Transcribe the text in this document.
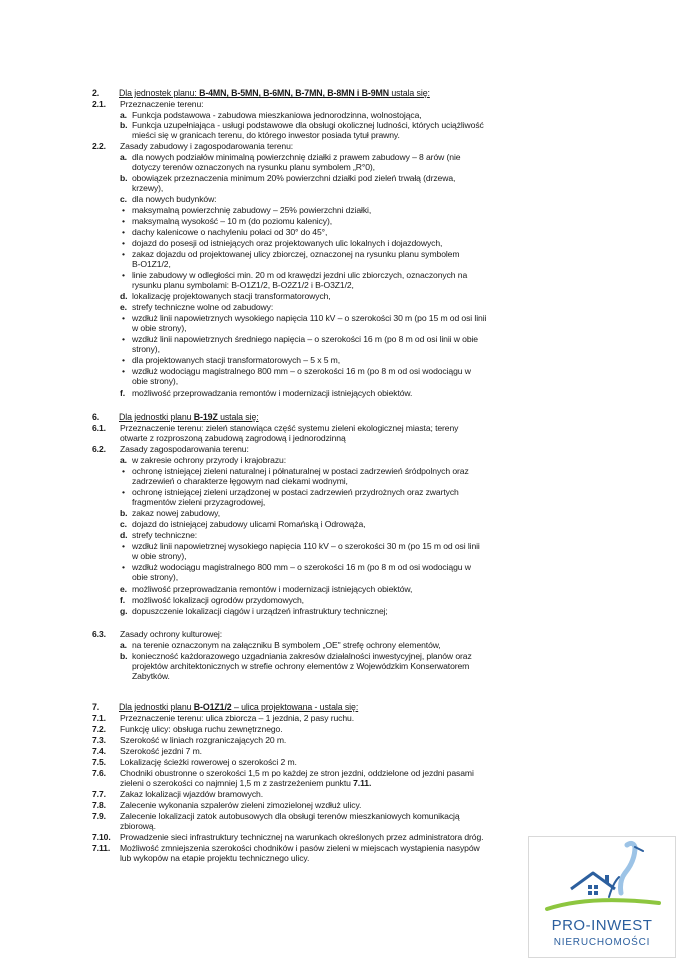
2. Dla jednostek planu: B-4MN, B-5MN, B-6MN, B-7MN, B-8MN i B-9MN ustala się:
2.1. Przeznaczenie terenu:
a. Funkcja podstawowa - zabudowa mieszkaniowa jednorodzinna, wolnostojąca,
b. Funkcja uzupełniająca - usługi podstawowe dla obsługi okolicznej ludności, których uciążliwość
mieści się w granicach terenu, do którego inwestor posiada tytuł prawny.
2.2. Zasady zabudowy i zagospodarowania terenu:
a. dla nowych podziałów minimalną powierzchnię działki z prawem zabudowy – 8 arów (nie
dotyczy terenów oznaczonych na rysunku planu symbolem „R°0),
b. obowiązek przeznaczenia minimum 20% powierzchni działki pod zieleń trwałą (drzewa,
krzewy),
c. dla nowych budynków:
• maksymalną powierzchnię zabudowy – 25% powierzchni działki,
• maksymalną wysokość – 10 m (do poziomu kalenicy),
• dachy kalenicowe o nachyleniu połaci od 30° do 45°,
• dojazd do posesji od istniejących oraz projektowanych ulic lokalnych i dojazdowych,
• zakaz dojazdu od projektowanej ulicy zbiorczej, oznaczonej na rysunku planu symbolem
B-O1Z1/2,
• linie zabudowy w odległości min. 20 m od krawędzi jezdni ulic zbiorczych, oznaczonych na
rysunku planu symbolami: B-O1Z1/2, B-O2Z1/2 i B-O3Z1/2,
d. lokalizację projektowanych stacji transformatorowych,
e. strefy techniczne wolne od zabudowy:
• wzdłuż linii napowietrznych wysokiego napięcia 110 kV – o szerokości 30 m (po 15 m od osi linii
w obie strony),
• wzdłuż linii napowietrznych średniego napięcia – o szerokości 16 m (po 8 m od osi linii w obie
strony),
• dla projektowanych stacji transformatorowych – 5 x 5 m,
• wzdłuż wodociągu magistralnego 800 mm – o szerokości 16 m (po 8 m od osi wodociągu w
obie strony),
f. możliwość przeprowadzania remontów i modernizacji istniejących obiektów.
6. Dla jednostki planu B-19Z ustala się:
6.1. Przeznaczenie terenu: zieleń stanowiąca część systemu zieleni ekologicznej miasta; tereny
otwarte z rozproszoną zabudową zagrodową i jednorodzinną
6.2. Zasady zagospodarowania terenu:
a. w zakresie ochrony przyrody i krajobrazu:
• ochronę istniejącej zieleni naturalnej i półnaturalnej w postaci zadrzewień śródpolnych oraz
zadrzewień o charakterze łęgowym nad ciekami wodnymi,
• ochronę istniejącej zieleni urządzonej w postaci zadrzewień przydrożnych oraz zwartych
fragmentów zieleni przyzagrodowej,
b. zakaz nowej zabudowy,
c. dojazd do istniejącej zabudowy ulicami Romańską i Odrowąża,
d. strefy techniczne:
• wzdłuż linii napowietrznej wysokiego napięcia 110 kV – o szerokości 30 m (po 15 m od osi linii
w obie strony),
• wzdłuż wodociągu magistralnego 800 mm – o szerokości 16 m (po 8 m od osi wodociągu w
obie strony),
e. możliwość przeprowadzania remontów i modernizacji istniejących obiektów,
f. możliwość lokalizacji ogrodów przydomowych,
g. dopuszczenie lokalizacji ciągów i urządzeń infrastruktury technicznej;
6.3. Zasady ochrony kulturowej:
a. na terenie oznaczonym na załączniku B symbolem „OE" strefę ochrony elementów,
b. konieczność każdorazowego uzgadniania zakresów działalności inwestycyjnej, planów oraz
projektów architektonicznych w strefie ochrony elementów z Wojewódzkim Konserwatorem
Zabytków.
7. Dla jednostki planu B-O1Z1/2 – ulica projektowana - ustala się:
7.1. Przeznaczenie terenu: ulica zbiorcza – 1 jezdnia, 2 pasy ruchu.
7.2. Funkcję ulicy: obsługa ruchu zewnętrznego.
7.3. Szerokość w liniach rozgraniczających 20 m.
7.4. Szerokość jezdni 7 m.
7.5. Lokalizację ścieżki rowerowej o szerokości 2 m.
7.6. Chodniki obustronne o szerokości 1,5 m po każdej ze stron jezdni, oddzielone od jezdni pasami
zieleni o szerokości co najmniej 1,5 m z zastrzeżeniem punktu 7.11.
7.7. Zakaz lokalizacji wjazdów bramowych.
7.8. Zalecenie wykonania szpalerów zieleni zimozielonej wzdłuż ulicy.
7.9. Zalecenie lokalizacji zatok autobusowych dla obsługi terenów mieszkaniowych komunikacją
zbiorową.
7.10. Prowadzenie sieci infrastruktury technicznej na warunkach określonych przez administratora dróg.
7.11. Możliwość zmniejszenia szerokości chodników i pasów zieleni w miejscach wystąpienia nasypów
lub wykopów na etapie projektu technicznego ulicy.
PRO-INWEST
NIERUCHOMOŚCI
